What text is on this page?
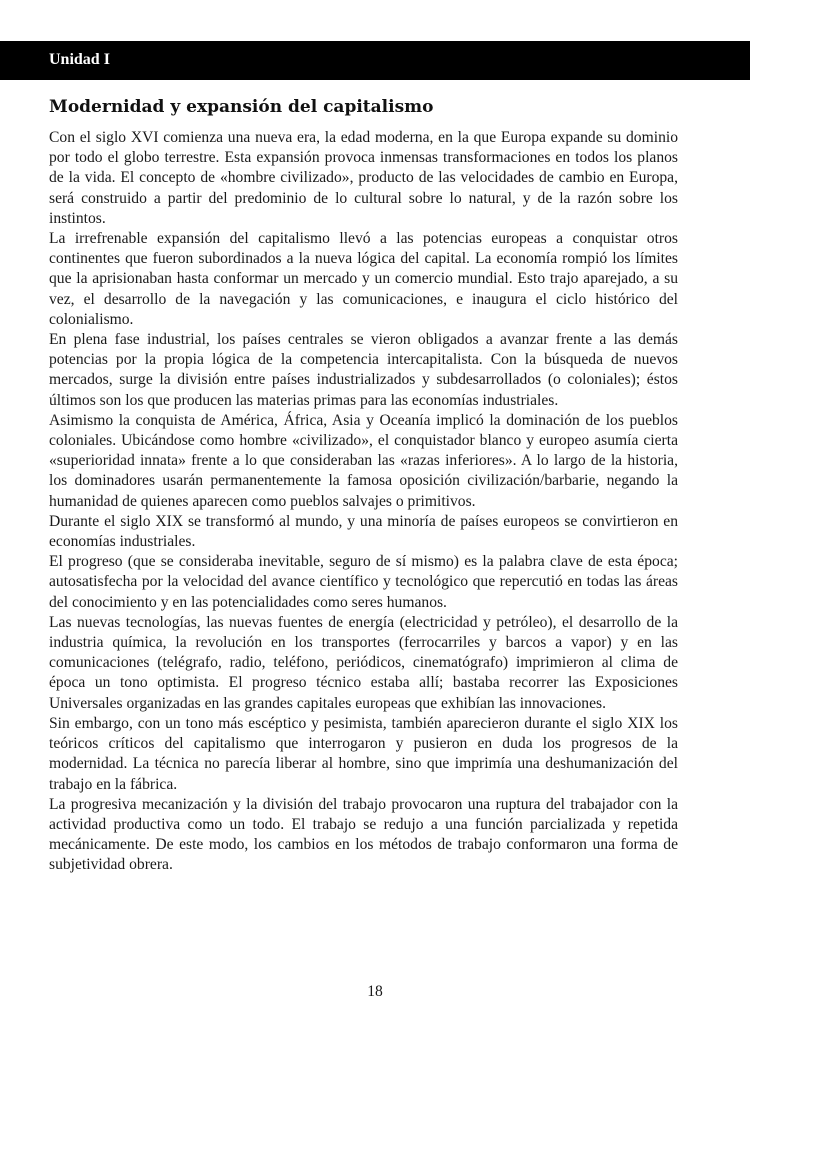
Unidad I
Modernidad y expansión del capitalismo

Con el siglo XVI comienza una nueva era, la edad moderna, en la que Europa expande su dominio por todo el globo terrestre. Esta expansión provoca inmensas transformaciones en todos los planos de la vida. El concepto de «hombre civilizado», producto de las velocidades de cambio en Europa, será construido a partir del predominio de lo cultural sobre lo natural, y de la razón sobre los instintos.

La irrefrenable expansión del capitalismo llevó a las potencias europeas a conquistar otros continentes que fueron subordinados a la nueva lógica del capital. La economía rompió los límites que la aprisionaban hasta conformar un mercado y un comercio mundial. Esto trajo aparejado, a su vez, el desarrollo de la navegación y las comunicaciones, e inaugura el ciclo histórico del colonialismo.

En plena fase industrial, los países centrales se vieron obligados a avanzar frente a las demás potencias por la propia lógica de la competencia intercapitalista. Con la búsqueda de nuevos mercados, surge la división entre países industrializados y subdesarrollados (o coloniales); éstos últimos son los que producen las materias primas para las economías industriales.

Asimismo la conquista de América, África, Asia y Oceanía implicó la dominación de los pueblos coloniales. Ubicándose como hombre «civilizado», el conquistador blanco y europeo asumía cierta «superioridad innata» frente a lo que consideraban las «razas inferiores». A lo largo de la historia, los dominadores usarán permanentemente la famosa oposición civilización/barbarie, negando la humanidad de quienes aparecen como pueblos salvajes o primitivos.

Durante el siglo XIX se transformó al mundo, y una minoría de países europeos se convirtieron en economías industriales.

El progreso (que se consideraba inevitable, seguro de sí mismo) es la palabra clave de esta época; autosatisfecha por la velocidad del avance científico y tecnológico que repercutió en todas las áreas del conocimiento y en las potencialidades como seres humanos.

Las nuevas tecnologías, las nuevas fuentes de energía (electricidad y petróleo), el desarrollo de la industria química, la revolución en los transportes (ferrocarriles y barcos a vapor) y en las comunicaciones (telégrafo, radio, teléfono, periódicos, cinematógrafo) imprimieron al clima de época un tono optimista. El progreso técnico estaba allí; bastaba recorrer las Exposiciones Universales organizadas en las grandes capitales europeas que exhibían las innovaciones.

Sin embargo, con un tono más escéptico y pesimista, también aparecieron durante el siglo XIX los teóricos críticos del capitalismo que interrogaron y pusieron en duda los progresos de la modernidad. La técnica no parecía liberar al hombre, sino que imprimía una deshumanización del trabajo en la fábrica.

La progresiva mecanización y la división del trabajo provocaron una ruptura del trabajador con la actividad productiva como un todo. El trabajo se redujo a una función parcializada y repetida mecánicamente. De este modo, los cambios en los métodos de trabajo conformaron una forma de subjetividad obrera.

18
